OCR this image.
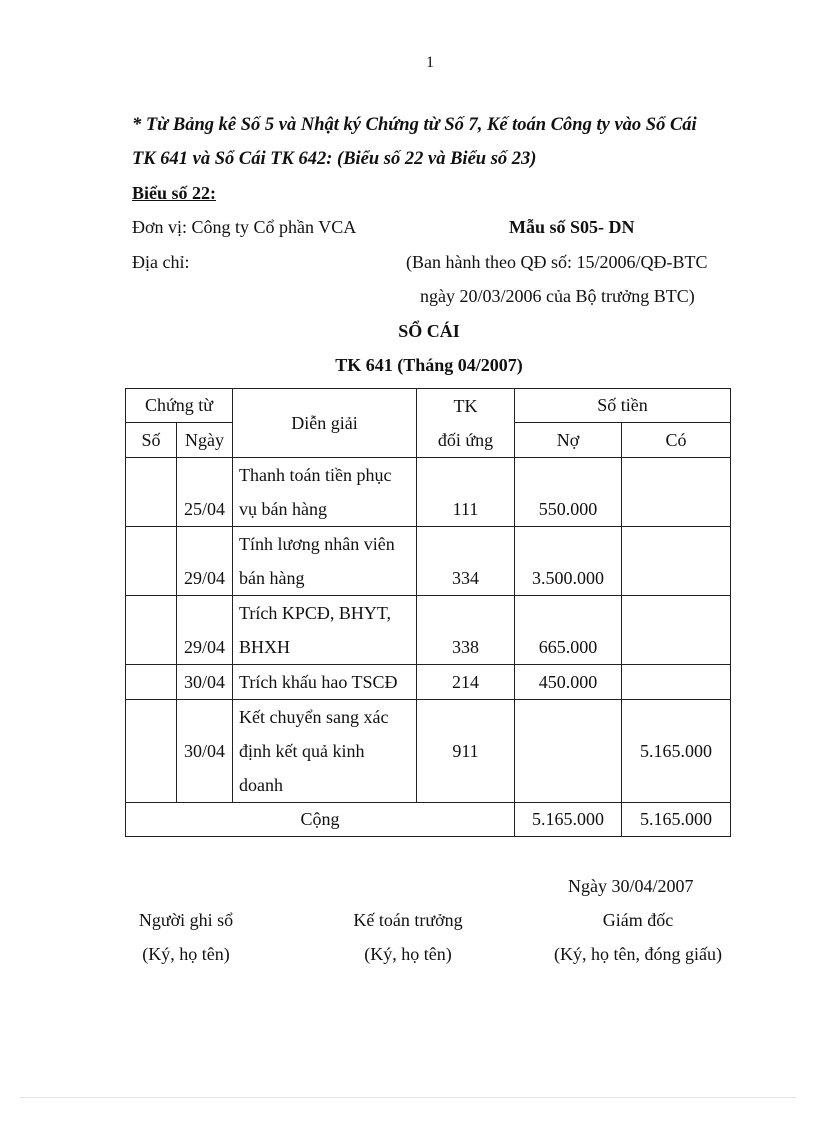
1
* Từ Bảng kê Số 5 và Nhật ký Chứng từ Số 7, Kế toán Công ty vào Sổ Cái
TK 641 và Sổ Cái TK 642: (Biểu số 22 và Biểu số 23)
Biểu số 22:
Đơn vị: Công ty Cổ phần VCA	Mẫu số S05- DN
Địa chỉ:	(Ban hành theo QĐ số: 15/2006/QĐ-BTC
ngày 20/03/2006 của Bộ trưởng BTC)
SỔ CÁI
TK 641 (Tháng 04/2007)
Chứng từ		Diễn giải	TK
đối ứng	Số tiền	
Số	Ngày			Nợ	Có
	25/04	Thanh toán tiền phục
vụ bán hàng	111	550.000	
	29/04	Tính lương nhân viên
bán hàng	334	3.500.000	
	29/04	Trích KPCĐ, BHYT,
BHXH	338	665.000	
	30/04	Trích khấu hao TSCĐ	214	450.000	
	30/04	Kết chuyển sang xác
định kết quả kinh
doanh	911		5.165.000
Cộng				5.165.000	5.165.000
Ngày 30/04/2007
Người ghi sổ
(Ký, họ tên)
Kế toán trưởng
(Ký, họ tên)
Giám đốc
(Ký, họ tên, đóng giấu)
